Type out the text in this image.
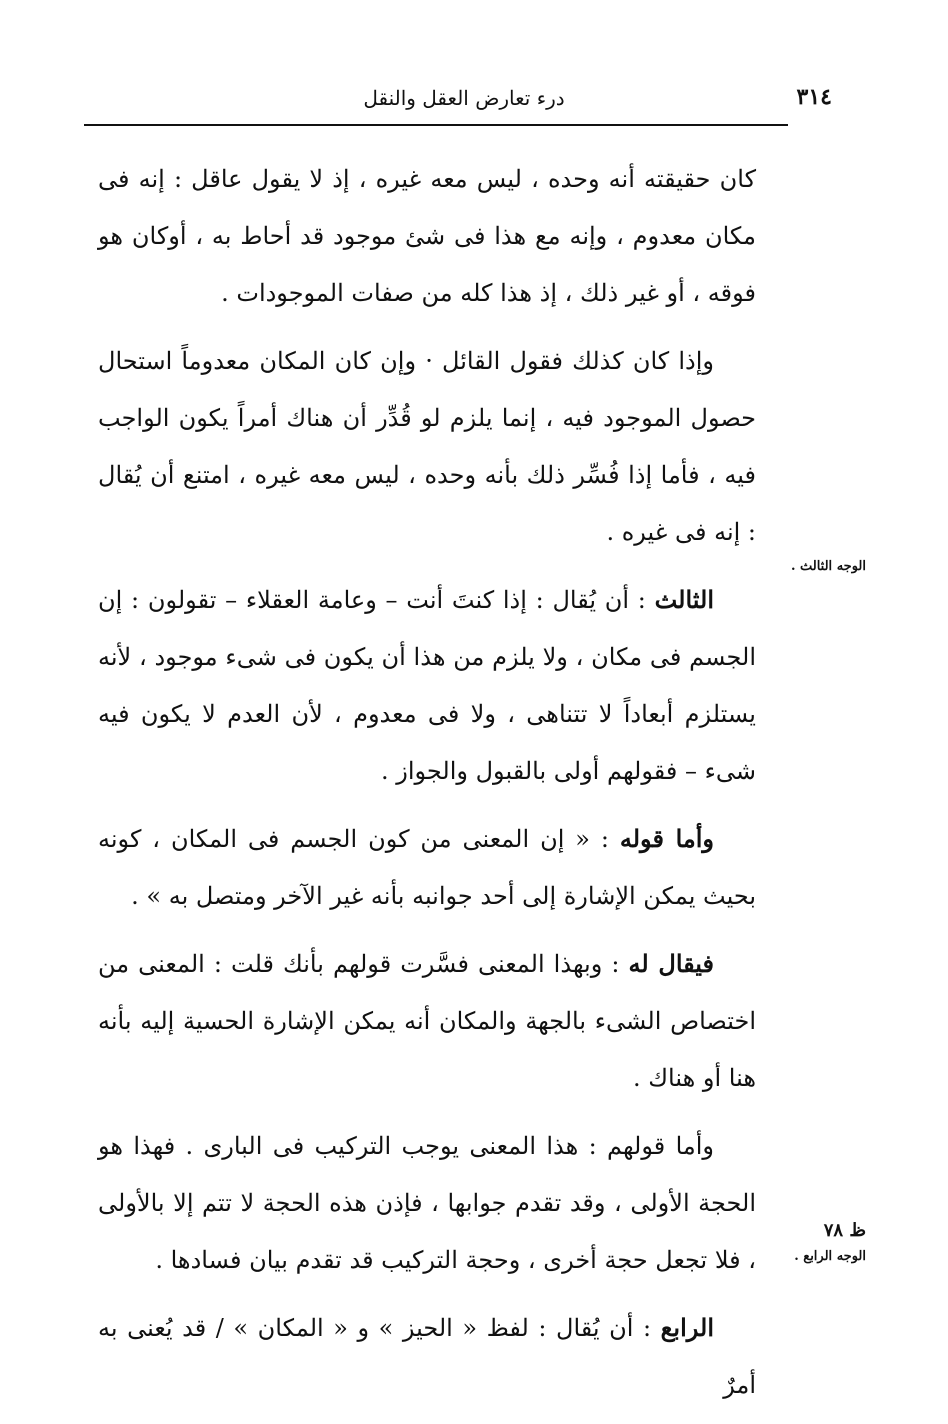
٣١٤
درء تعارض العقل والنقل
الوجه الثالث .
ظ ٧٨
الوجه الرابع .

كان حقيقته أنه وحده ، ليس معه غيره ، إذ لا يقول عاقل : إنه فى مكان معدوم ، وإنه مع هذا فى شئ موجود قد أحاط به ، أوكان هو فوقه ، أو غير ذلك ، إذ هذا كله من صفات الموجودات .

وإذا كان كذلك فقول القائل · وإن كان المكان معدوماً استحال حصول الموجود فيه ، إنما يلزم لو قُدِّر أن هناك أمراً يكون الواجب فيه ، فأما إذا فُسِّر ذلك بأنه وحده ، ليس معه غيره ، امتنع أن يُقال : إنه فى غيره .

الثالث : أن يُقال : إذا كنتَ أنت – وعامة العقلاء – تقولون : إن الجسم فى مكان ، ولا يلزم من هذا أن يكون فى شىء موجود ، لأنه يستلزم أبعاداً لا تتناهى ، ولا فى معدوم ، لأن العدم لا يكون فيه شىء – فقولهم أولى بالقبول والجواز .

وأما قوله : « إن المعنى من كون الجسم فى المكان ، كونه بحيث يمكن الإشارة إلى أحد جوانبه بأنه غير الآخر ومتصل به » .

فيقال له : وبهذا المعنى فسَّرت قولهم بأنك قلت : المعنى من اختصاص الشىء بالجهة والمكان أنه يمكن الإشارة الحسية إليه بأنه هنا أو هناك .

وأما قولهم : هذا المعنى يوجب التركيب فى البارى . فهذا هو الحجة الأولى ، وقد تقدم جوابها ، فإذن هذه الحجة لا تتم إلا بالأولى ، فلا تجعل حجة أخرى ، وحجة التركيب قد تقدم بيان فسادها .

الرابع : أن يُقال : لفظ « الحيز » و « المكان » / قد يُعنى به أمرٌ
